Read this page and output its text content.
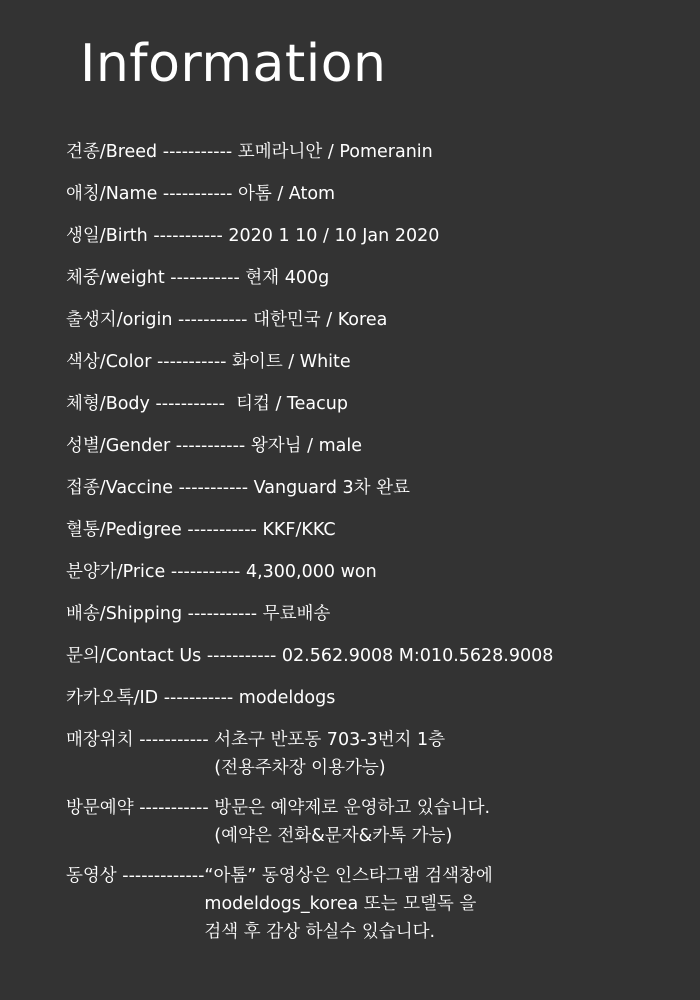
Information
견종/Breed ----------- 포메라니안 / Pomeranin
애칭/Name ----------- 아톰 / Atom
생일/Birth ----------- 2020 1 10 / 10 Jan 2020
체중/weight ----------- 현재 400g
출생지/origin ----------- 대한민국 / Korea
색상/Color ----------- 화이트 / White
체형/Body -----------  티컵 / Teacup
성별/Gender ----------- 왕자님 / male
접종/Vaccine ----------- Vanguard 3차 완료
혈통/Pedigree ----------- KKF/KKC
분양가/Price ----------- 4,300,000 won
배송/Shipping ----------- 무료배송
문의/Contact Us ----------- 02.562.9008 M:010.5628.9008
카카오톡/ID ----------- modeldogs
매장위치 ----------- 서초구 반포동 703-3번지 1층
(전용주차장 이용가능)
방문예약 ----------- 방문은 예약제로 운영하고 있습니다.
(예약은 전화&문자&카톡 가능)
동영상 ------------- “아톰” 동영상은 인스타그램 검색창에
modeldogs_korea 또는 모델독 을
검색 후 감상 하실수 있습니다.
